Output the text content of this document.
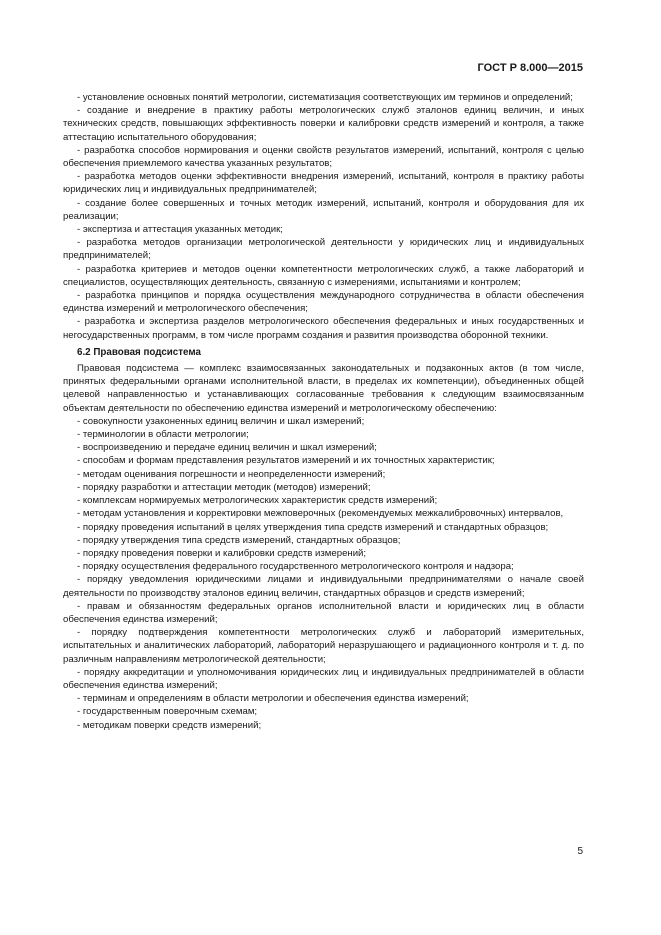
ГОСТ Р 8.000—2015

- установление основных понятий метрологии, систематизация соответствующих им терминов и определений;

- создание и внедрение в практику работы метрологических служб эталонов единиц величин, и иных технических средств, повышающих эффективность поверки и калибровки средств измерений и контроля, а также аттестацию испытательного оборудования;

- разработка способов нормирования и оценки свойств результатов измерений, испытаний, контроля с целью обеспечения приемлемого качества указанных результатов;

- разработка методов оценки эффективности внедрения измерений, испытаний, контроля в практику работы юридических лиц и индивидуальных предпринимателей;

- создание более совершенных и точных методик измерений, испытаний, контроля и оборудования для их реализации;

- экспертиза и аттестация указанных методик;

- разработка методов организации метрологической деятельности у юридических лиц и индивидуальных предпринимателей;

- разработка критериев и методов оценки компетентности метрологических служб, а также лабораторий и специалистов, осуществляющих деятельность, связанную с измерениями, испытаниями и контролем;

- разработка принципов и порядка осуществления международного сотрудничества в области обеспечения единства измерений и метрологического обеспечения;

- разработка и экспертиза разделов метрологического обеспечения федеральных и иных государственных и негосударственных программ, в том числе программ создания и развития производства оборонной техники.

6.2 Правовая подсистема

Правовая подсистема — комплекс взаимосвязанных законодательных и подзаконных актов (в том числе, принятых федеральными органами исполнительной власти, в пределах их компетенции), объединенных общей целевой направленностью и устанавливающих согласованные требования к следующим взаимосвязанным объектам деятельности по обеспечению единства измерений и метрологическому обеспечению:

- совокупности узаконенных единиц величин и шкал измерений;

- терминологии в области метрологии;

- воспроизведению и передаче единиц величин и шкал измерений;

- способам и формам представления результатов измерений и их точностных характеристик;

- методам оценивания погрешности и неопределенности измерений;

- порядку разработки и аттестации методик (методов) измерений;

- комплексам нормируемых метрологических характеристик средств измерений;

- методам установления и корректировки межповерочных (рекомендуемых межкалибровочных) интервалов,

- порядку проведения испытаний в целях утверждения типа средств измерений и стандартных образцов;

- порядку утверждения типа средств измерений, стандартных образцов;

- порядку проведения поверки и калибровки средств измерений;

- порядку осуществления федерального государственного метрологического контроля и надзора;

- порядку уведомления юридическими лицами и индивидуальными предпринимателями о начале своей деятельности по производству эталонов единиц величин, стандартных образцов и средств измерений;

- правам и обязанностям федеральных органов исполнительной власти и юридических лиц в области обеспечения единства измерений;

- порядку подтверждения компетентности метрологических служб и лабораторий измерительных, испытательных и аналитических лабораторий, лабораторий неразрушающего и радиационного контроля и т. д. по различным направлениям метрологической деятельности;

- порядку аккредитации и уполномочивания юридических лиц и индивидуальных предпринимателей в области обеспечения единства измерений;

- терминам и определениям в области метрологии и обеспечения единства измерений;

- государственным поверочным схемам;

- методикам поверки средств измерений;

5
